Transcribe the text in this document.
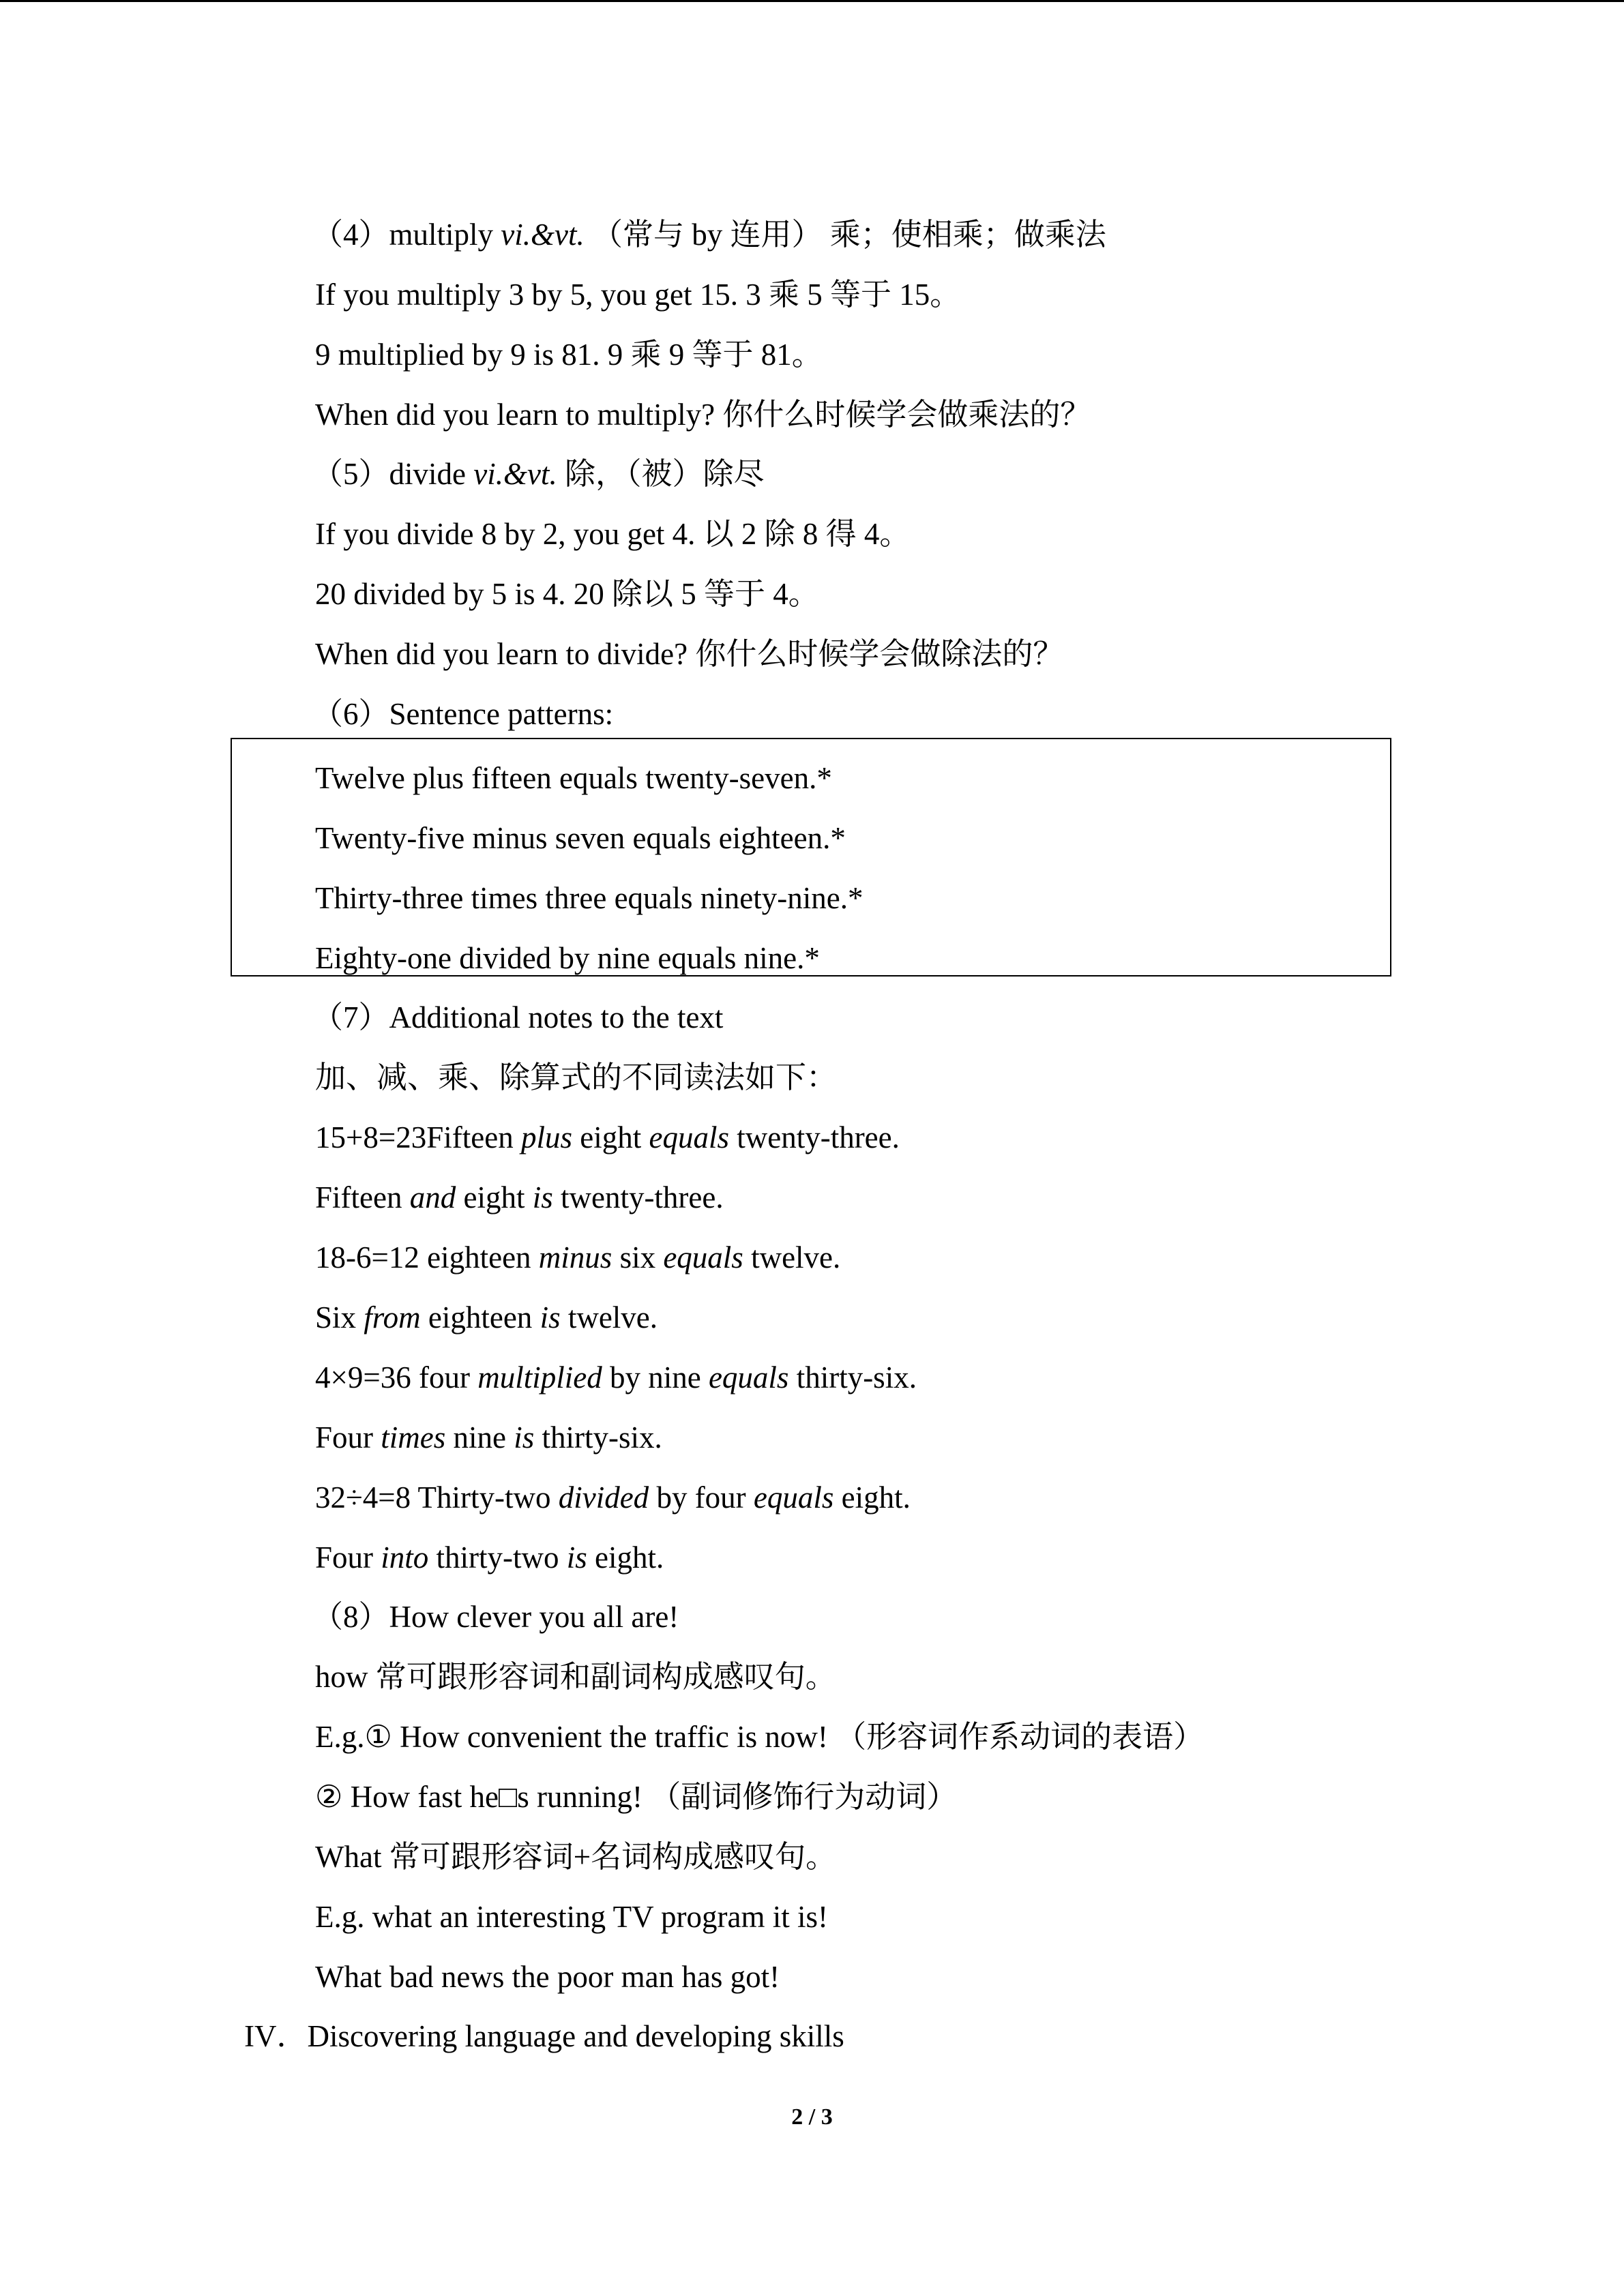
（4）multiply vi.&vt. （常与 by 连用） 乘；使相乘；做乘法
If you multiply 3 by 5, you get 15. 3 乘 5 等于 15。
9 multiplied by 9 is 81. 9 乘 9 等于 81。
When did you learn to multiply? 你什么时候学会做乘法的？
（5）divide vi.&vt. 除，（被）除尽
If you divide 8 by 2, you get 4. 以 2 除 8 得 4。
20 divided by 5 is 4. 20 除以 5 等于 4。
When did you learn to divide? 你什么时候学会做除法的？
（6）Sentence patterns:
Twelve plus fifteen equals twenty-seven.*
Twenty-five minus seven equals eighteen.*
Thirty-three times three equals ninety-nine.*
Eighty-one divided by nine equals nine.*
（7）Additional notes to the text
加、减、乘、除算式的不同读法如下：
15+8=23Fifteen plus eight equals twenty-three.
Fifteen and eight is twenty-three.
18-6=12 eighteen minus six equals twelve.
Six from eighteen is twelve.
4×9=36 four multiplied by nine equals thirty-six.
Four times nine is thirty-six.
32÷4=8 Thirty-two divided by four equals eight.
Four into thirty-two is eight.
（8）How clever you all are!
how 常可跟形容词和副词构成感叹句。
E.g.① How convenient the traffic is now! （形容词作系动词的表语）
② How fast he□s running! （副词修饰行为动词）
What 常可跟形容词+名词构成感叹句。
E.g. what an interesting TV program it is!
What bad news the poor man has got!
IV．Discovering language and developing skills
2 / 3
